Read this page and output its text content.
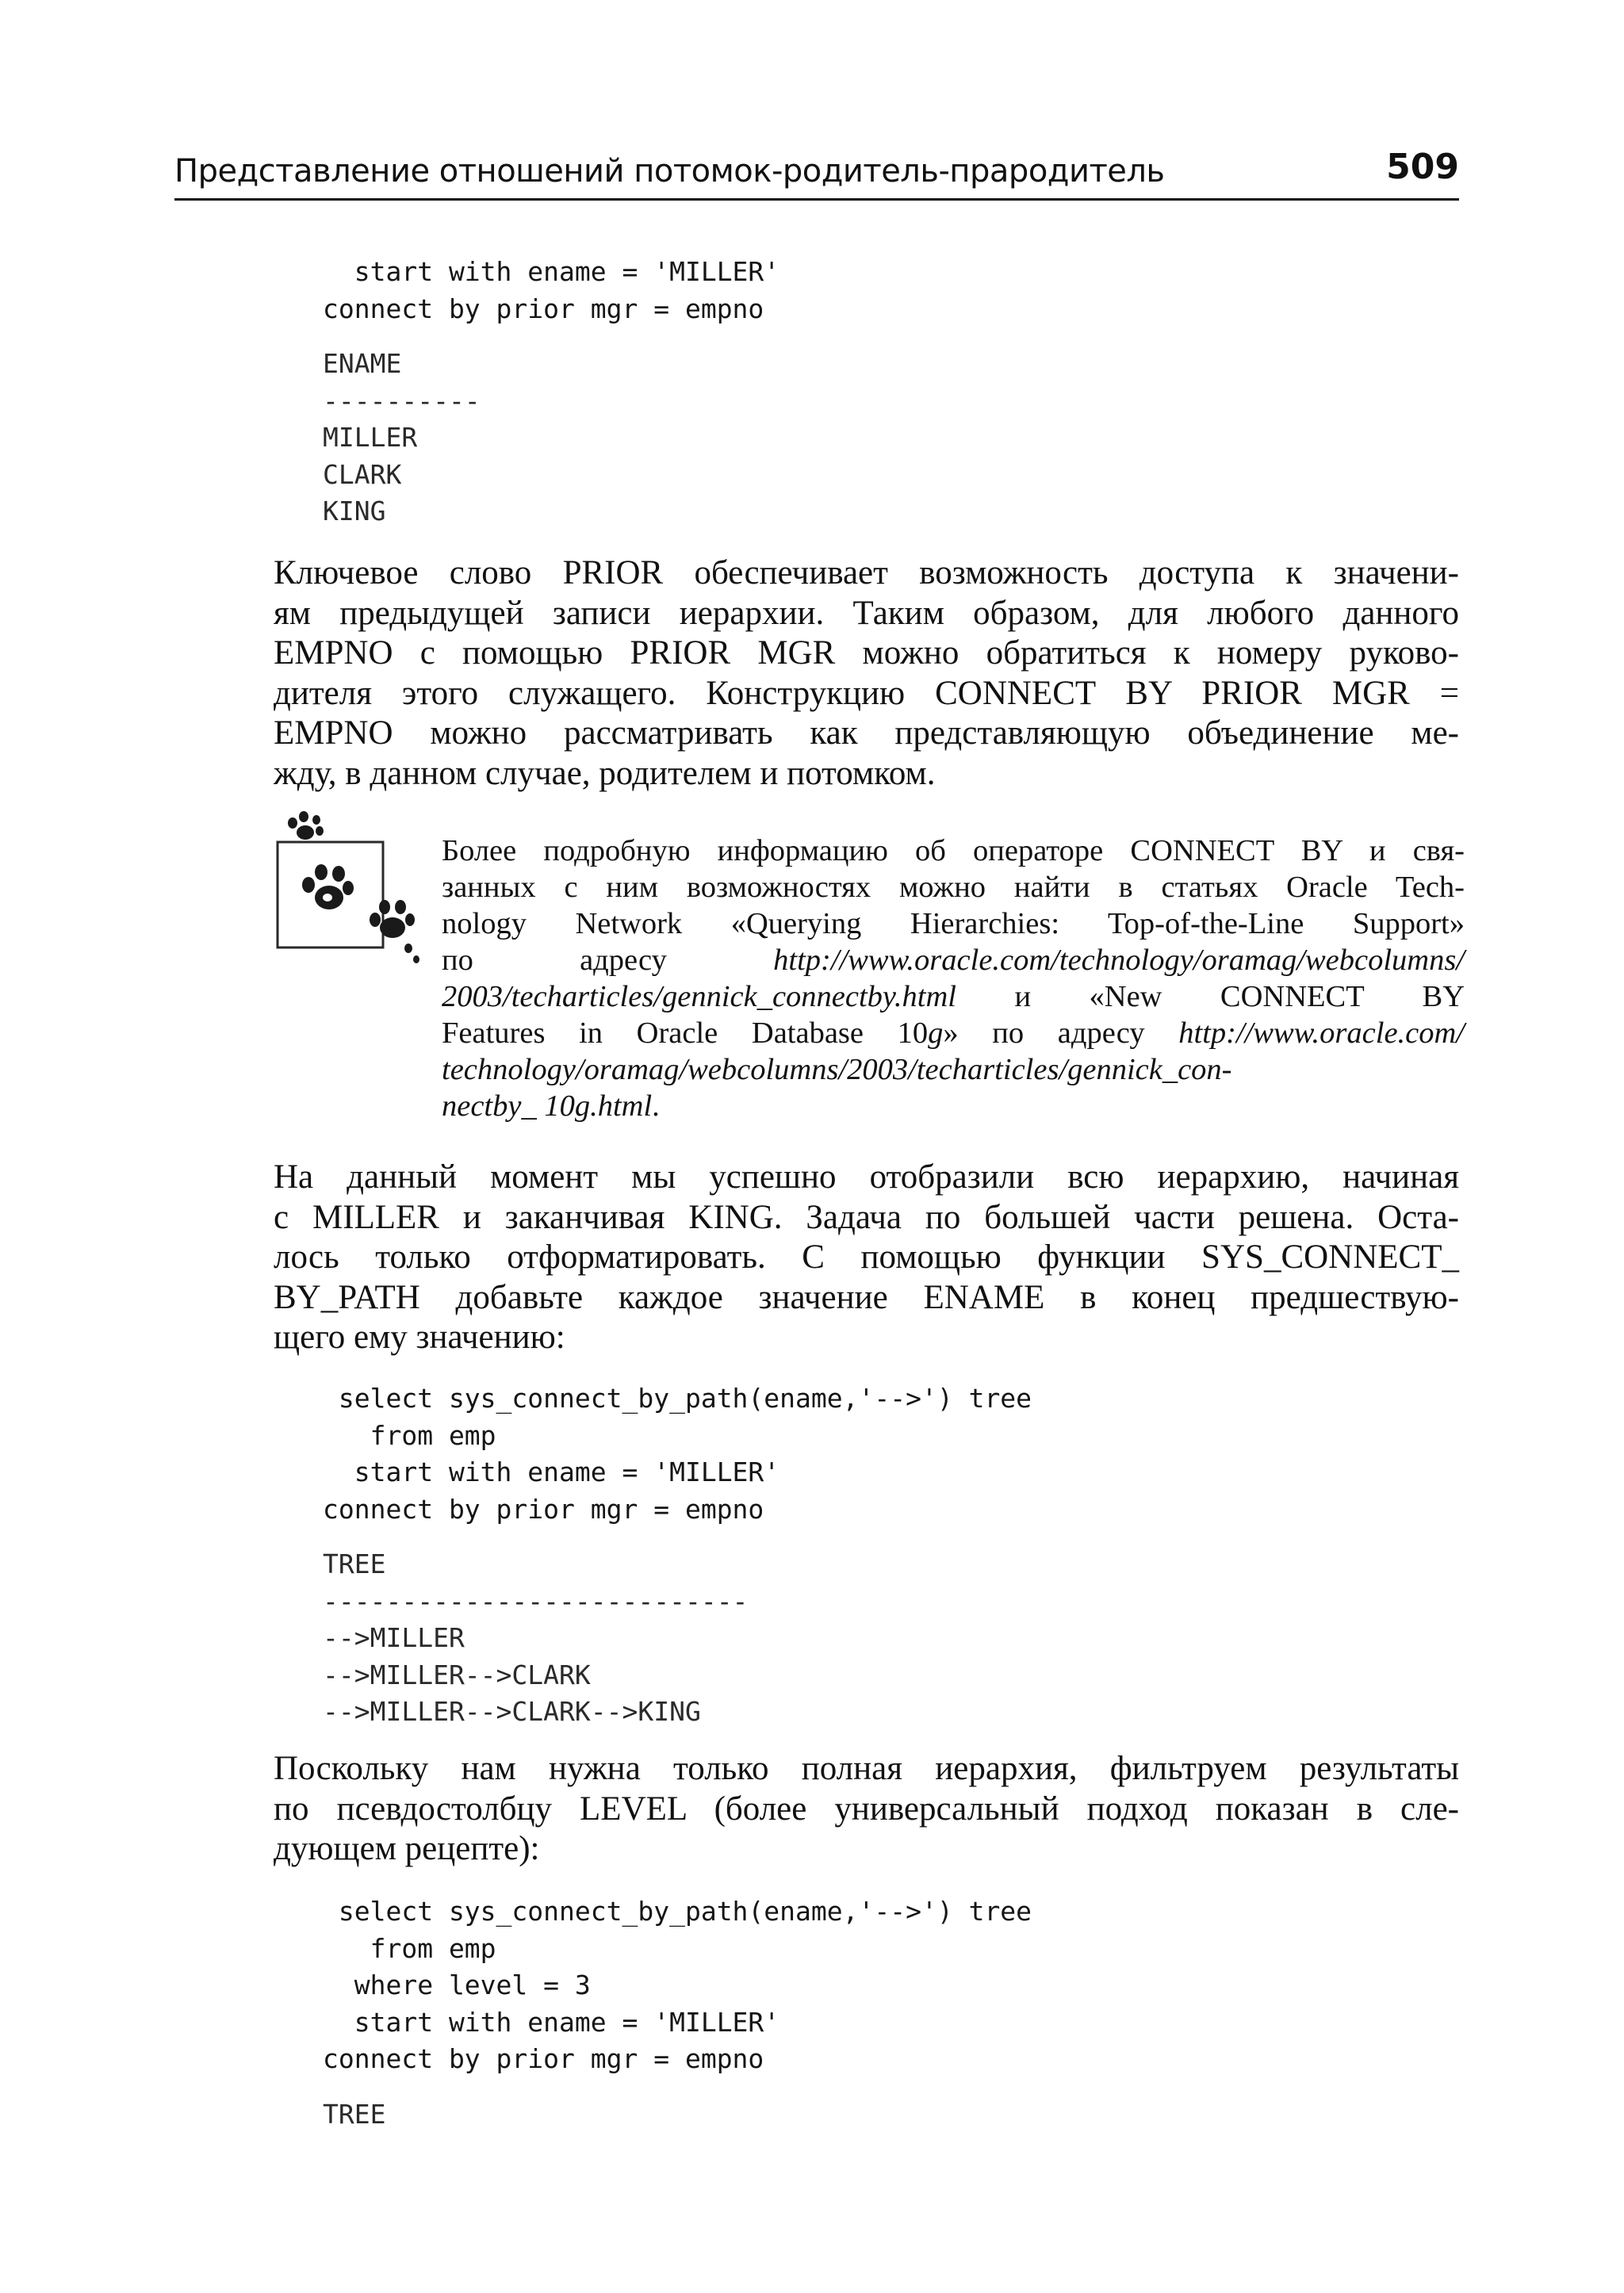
Представление отношений потомок-родитель-прародитель	509
start with ename = 'MILLER'
connect by prior mgr = empno
ENAME
----------
MILLER
CLARK
KING

Ключевое слово PRIOR обеспечивает возможность доступа к значени-
ям предыдущей записи иерархии. Таким образом, для любого данного
EMPNO с помощью PRIOR MGR можно обратиться к номеру руково-
дителя этого служащего. Конструкцию CONNECT BY PRIOR MGR =
EMPNO можно рассматривать как представляющую объединение ме-
жду, в данном случае, родителем и потомком.

Более подробную информацию об операторе CONNECT BY и свя-
занных с ним возможностях можно найти в статьях Oracle Tech-
nology Network «Querying Hierarchies: Top-of-the-Line Support»
по адресу http://www.oracle.com/technology/oramag/webcolumns/
2003/techarticles/gennick_connectby.html и «New CONNECT BY
Features in Oracle Database 10g» по адресу http://www.oracle.com/
technology/oramag/webcolumns/2003/techarticles/gennick_con-
nectby_ 10g.html.

На данный момент мы успешно отобразили всю иерархию, начиная
с MILLER и заканчивая KING. Задача по большей части решена. Оста-
лось только отформатировать. С помощью функции SYS_CONNECT_
BY_PATH добавьте каждое значение ENAME в конец предшествую-
щего ему значению:

select sys_connect_by_path(ename,'-->') tree
from emp
start with ename = 'MILLER'
connect by prior mgr = empno
TREE
---------------------------
-->MILLER
-->MILLER-->CLARK
-->MILLER-->CLARK-->KING

Поскольку нам нужна только полная иерархия, фильтруем результаты
по псевдостолбцу LEVEL (более универсальный подход показан в сле-
дующем рецепте):

select sys_connect_by_path(ename,'-->') tree
from emp
where level = 3
start with ename = 'MILLER'
connect by prior mgr = empno
TREE
